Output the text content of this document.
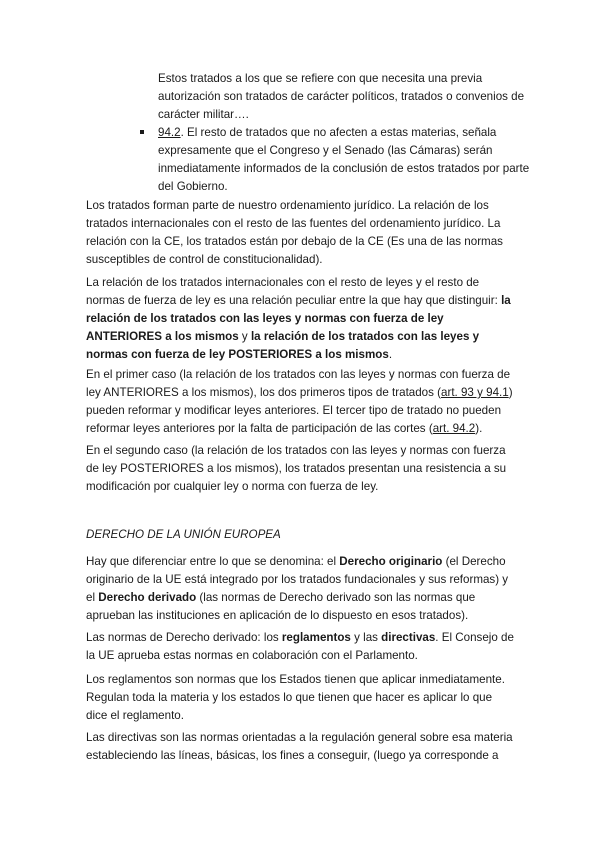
Estos tratados a los que se refiere con que necesita una previa autorización son tratados de carácter políticos, tratados o convenios de carácter militar….
94.2. El resto de tratados que no afecten a estas materias, señala expresamente que el Congreso y el Senado (las Cámaras) serán inmediatamente informados de la conclusión de estos tratados por parte del Gobierno.

Los tratados forman parte de nuestro ordenamiento jurídico. La relación de los tratados internacionales con el resto de las fuentes del ordenamiento jurídico. La relación con la CE, los tratados están por debajo de la CE (Es una de las normas susceptibles de control de constitucionalidad).

La relación de los tratados internacionales con el resto de leyes y el resto de normas de fuerza de ley es una relación peculiar entre la que hay que distinguir: la relación de los tratados con las leyes y normas con fuerza de ley ANTERIORES a los mismos y la relación de los tratados con las leyes y normas con fuerza de ley POSTERIORES a los mismos.

En el primer caso (la relación de los tratados con las leyes y normas con fuerza de ley ANTERIORES a los mismos), los dos primeros tipos de tratados (art. 93 y 94.1) pueden reformar y modificar leyes anteriores. El tercer tipo de tratado no pueden reformar leyes anteriores por la falta de participación de las cortes (art. 94.2).

En el segundo caso (la relación de los tratados con las leyes y normas con fuerza de ley POSTERIORES a los mismos), los tratados presentan una resistencia a su modificación por cualquier ley o norma con fuerza de ley.

DERECHO DE LA UNIÓN EUROPEA

Hay que diferenciar entre lo que se denomina: el Derecho originario (el Derecho originario de la UE está integrado por los tratados fundacionales y sus reformas) y el Derecho derivado (las normas de Derecho derivado son las normas que aprueban las instituciones en aplicación de lo dispuesto en esos tratados).

Las normas de Derecho derivado: los reglamentos y las directivas. El Consejo de la UE aprueba estas normas en colaboración con el Parlamento.

Los reglamentos son normas que los Estados tienen que aplicar inmediatamente. Regulan toda la materia y los estados lo que tienen que hacer es aplicar lo que dice el reglamento.

Las directivas son las normas orientadas a la regulación general sobre esa materia estableciendo las líneas, básicas, los fines a conseguir, (luego ya corresponde a
